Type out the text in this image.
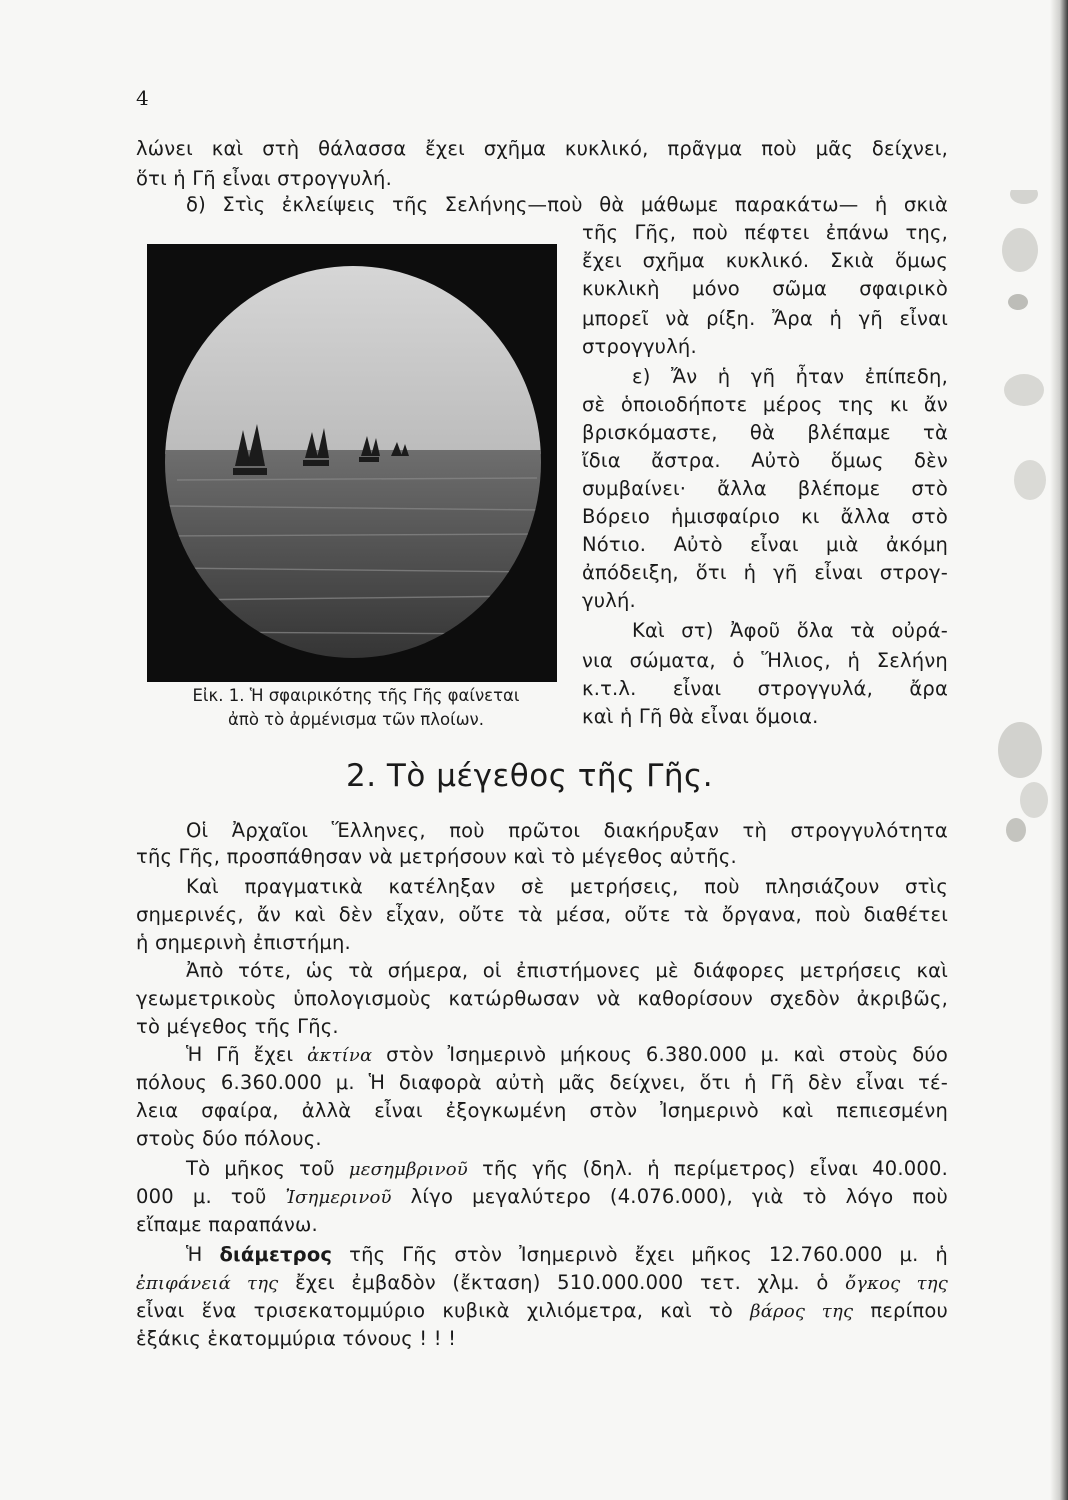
4
λώνει καὶ στὴ θάλασσα ἔχει σχῆμα κυκλικό, πρᾶγμα ποὺ μᾶς δείχνει,
ὅτι ἡ Γῆ εἶναι στρογγυλή.
δ) Στὶς ἐκλείψεις τῆς Σελήνης—ποὺ θὰ μάθωμε παρακάτω— ἡ σκιὰ
τῆς Γῆς, ποὺ πέφτει ἐπάνω της,
ἔχει σχῆμα κυκλικό. Σκιὰ ὅμως
κυκλικὴ μόνο σῶμα σφαιρικὸ
μπορεῖ νὰ ρίξη. Ἄρα ἡ γῆ εἶναι
στρογγυλή.
ε) Ἄν ἡ γῆ ἦταν ἐπίπεδη,
σὲ ὁποιοδήποτε μέρος της κι ἄν
βρισκόμαστε, θὰ βλέπαμε τὰ
ἴδια ἄστρα. Αὐτὸ ὅμως δὲν
συμβαίνει· ἄλλα βλέπομε στὸ
Βόρειο ἡμισφαίριο κι ἄλλα στὸ
Νότιο. Αὐτὸ εἶναι μιὰ ἀκόμη
ἀπόδειξη, ὅτι ἡ γῆ εἶναι στρογ-
γυλή.
Καὶ στ) Ἀφοῦ ὅλα τὰ οὐρά-
νια σώματα, ὁ Ἥλιος, ἡ Σελήνη
κ.τ.λ. εἶναι στρογγυλά, ἄρα
καὶ ἡ Γῆ θὰ εἶναι ὅμοια.
Εἰκ. 1. Ἡ σφαιρικότης τῆς Γῆς φαίνεται
ἀπὸ τὸ ἀρμένισμα τῶν πλοίων.
2. Τὸ μέγεθος τῆς Γῆς.
Οἱ Ἀρχαῖοι Ἕλληνες, ποὺ πρῶτοι διακήρυξαν τὴ στρογγυλότητα
τῆς Γῆς, προσπάθησαν νὰ μετρήσουν καὶ τὸ μέγεθος αὐτῆς.
Καὶ πραγματικὰ κατέληξαν σὲ μετρήσεις, ποὺ πλησιάζουν στὶς
σημερινές, ἄν καὶ δὲν εἶχαν, οὔτε τὰ μέσα, οὔτε τὰ ὄργανα, ποὺ διαθέτει
ἡ σημερινὴ ἐπιστήμη.
Ἀπὸ τότε, ὡς τὰ σήμερα, οἱ ἐπιστήμονες μὲ διάφορες μετρήσεις καὶ
γεωμετρικοὺς ὑπολογισμοὺς κατώρθωσαν νὰ καθορίσουν σχεδὸν ἀκριβῶς,
τὸ μέγεθος τῆς Γῆς.
Ἡ Γῆ ἔχει ἀκτίνα στὸν Ἰσημερινὸ μήκους 6.380.000 μ. καὶ στοὺς δύο
πόλους 6.360.000 μ. Ἡ διαφορὰ αὐτὴ μᾶς δείχνει, ὅτι ἡ Γῆ δὲν εἶναι τέ-
λεια σφαίρα, ἀλλὰ εἶναι ἐξογκωμένη στὸν Ἰσημερινὸ καὶ πεπιεσμένη
στοὺς δύο πόλους.
Τὸ μῆκος τοῦ μεσημβρινοῦ τῆς γῆς (δηλ. ἡ περίμετρος) εἶναι 40.000.
000 μ. τοῦ Ἰσημερινοῦ λίγο μεγαλύτερο (4.076.000), γιὰ τὸ λόγο ποὺ
εἴπαμε παραπάνω.
Ἡ διάμετρος τῆς Γῆς στὸν Ἰσημερινὸ ἔχει μῆκος 12.760.000 μ. ἡ
ἐπιφάνειά της ἔχει ἐμβαδὸν (ἔκταση) 510.000.000 τετ. χλμ. ὁ ὄγκος της
εἶναι ἕνα τρισεκατομμύριο κυβικὰ χιλιόμετρα, καὶ τὸ βάρος της περίπου
ἑξάκις ἑκατομμύρια τόνους ! ! !
